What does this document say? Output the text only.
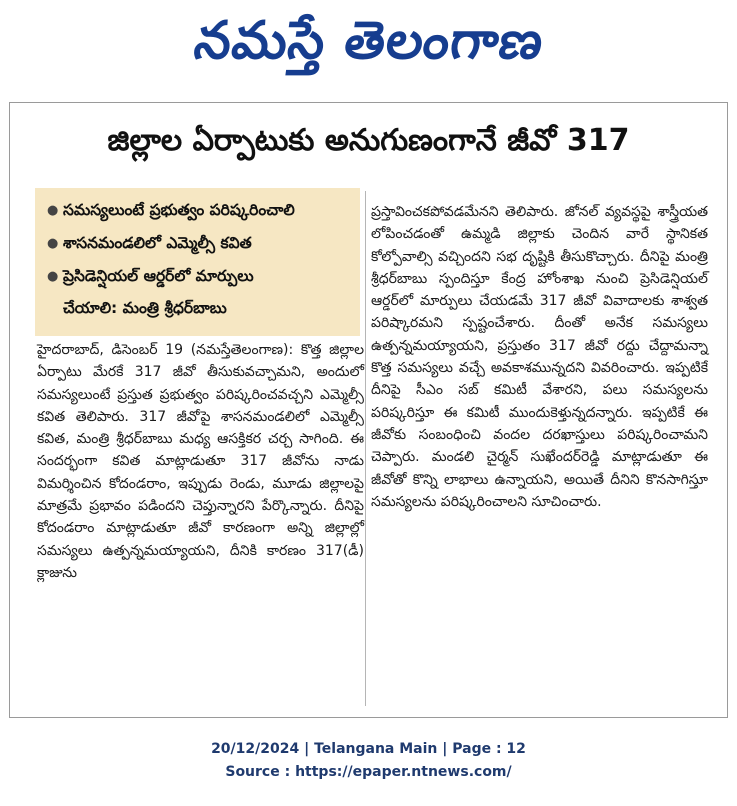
నమస్తే తెలంగాణ
జిల్లాల ఏర్పాటుకు అనుగుణంగానే జీవో 317
● సమస్యలుంటే ప్రభుత్వం పరిష్కరించాలి
● శాసనమండలిలో ఎమ్మెల్సీ కవిత
● ప్రెసిడెన్షియల్ ఆర్డర్‌లో మార్పులు
చేయాలి: మంత్రి శ్రీధర్‌బాబు
హైదరాబాద్, డిసెంబర్ 19 (నమస్తేతెలంగాణ): కొత్త జిల్లాల ఏర్పాటు మేరకే 317 జీవో తీసుకువచ్చామని, అందులో సమస్యలుంటే ప్రస్తుత ప్రభుత్వం పరిష్కరించవచ్చని ఎమ్మెల్సీ కవిత తెలిపారు. 317 జీవోపై శాసనమండలిలో ఎమ్మెల్సీ కవిత, మంత్రి శ్రీధర్‌బాబు మధ్య ఆసక్తికర చర్చ సాగింది. ఈ సందర్భంగా కవిత మాట్లాడుతూ 317 జీవోను నాడు విమర్శించిన కోదండరాం, ఇప్పుడు రెండు, మూడు జిల్లాలపై మాత్రమే ప్రభావం పడిందని చెప్తున్నారని పేర్కొన్నారు. దీనిపై కోదండరాం మాట్లాడుతూ జీవో కారణంగా అన్ని జిల్లాల్లో సమస్యలు ఉత్పన్నమయ్యాయని, దీనికి కారణం 317(డీ) క్లాజును
ప్రస్తావించకపోవడమేనని తెలిపారు. జోనల్ వ్యవస్థపై శాస్త్రీయత లోపించడంతో ఉమ్మడి జిల్లాకు చెందిన వారే స్థానికత కోల్పోవాల్సి వచ్చిందని సభ దృష్టికి తీసుకొచ్చారు. దీనిపై మంత్రి శ్రీధర్‌బాబు స్పందిస్తూ కేంద్ర హోంశాఖ నుంచి ప్రెసిడెన్షియల్ ఆర్డర్‌లో మార్పులు చేయడమే 317 జీవో వివాదాలకు శాశ్వత పరిష్కారమని స్పష్టంచేశారు. దీంతో అనేక సమస్యలు ఉత్పన్నమయ్యాయని, ప్రస్తుతం 317 జీవో రద్దు చేద్దామన్నా కొత్త సమస్యలు వచ్చే అవకాశమున్నదని వివరించారు. ఇప్పటికే దీనిపై సీఎం సబ్ కమిటీ వేశారని, పలు సమస్యలను పరిష్కరిస్తూ ఈ కమిటీ ముందుకెళ్తున్నదన్నారు. ఇప్పటికే ఈ జీవోకు సంబంధించి వందల దరఖాస్తులు పరిష్కరించామని చెప్పారు. మండలి చైర్మన్ సుఖేందర్‌రెడ్డి మాట్లాడుతూ ఈ జీవోతో కొన్ని లాభాలు ఉన్నాయని, అయితే దీనిని కొనసాగిస్తూ సమస్యలను పరిష్కరించాలని సూచించారు.
20/12/2024 | Telangana Main | Page : 12
Source : https://epaper.ntnews.com/
